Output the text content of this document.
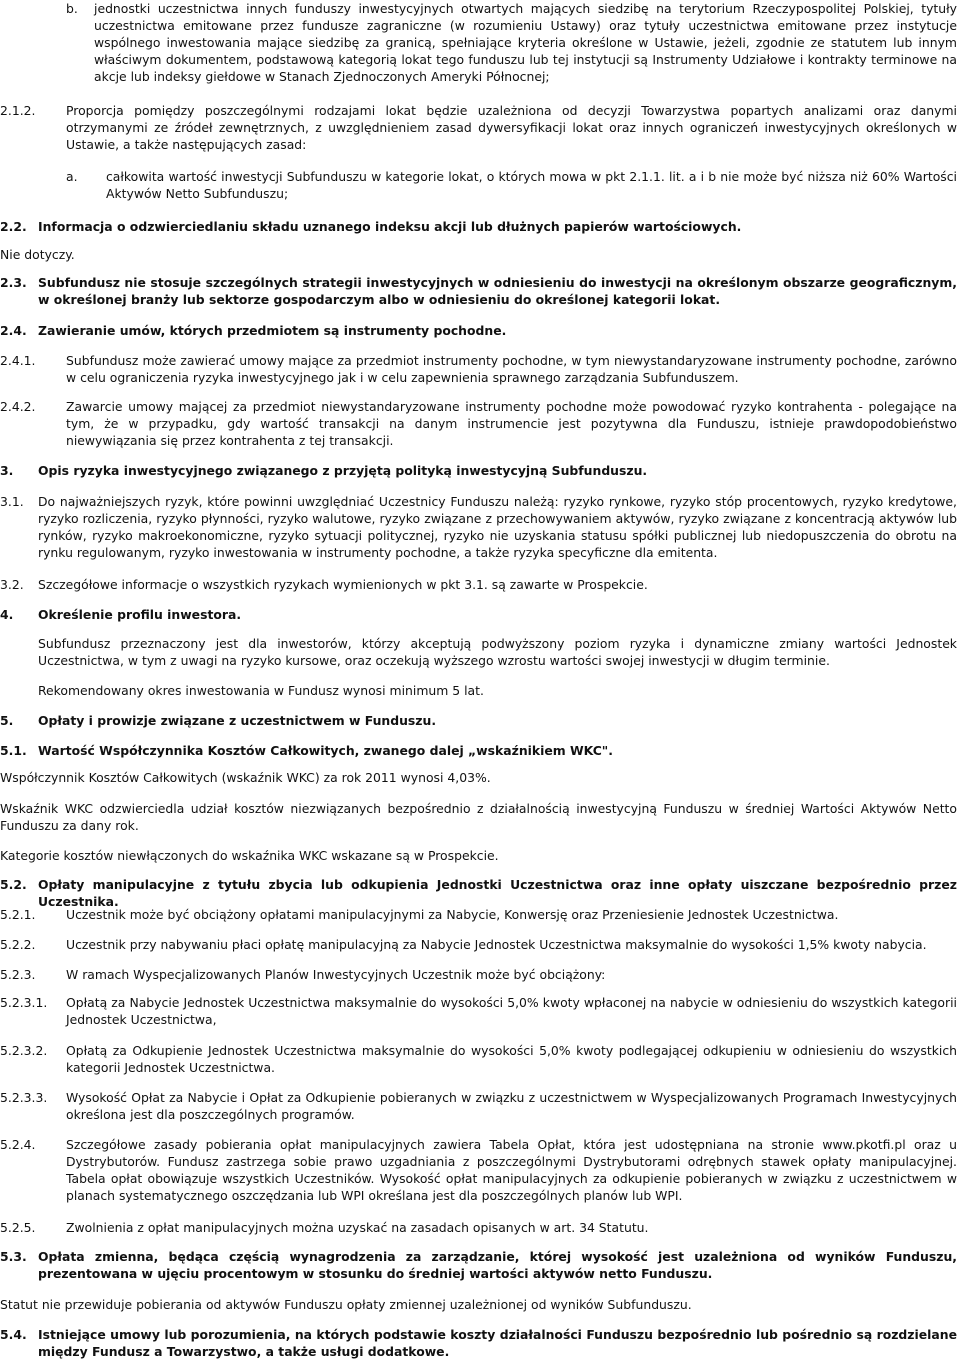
b. jednostki uczestnictwa innych funduszy inwestycyjnych otwartych mających siedzibę na terytorium Rzeczypospolitej Polskiej, tytuły uczestnictwa emitowane przez fundusze zagraniczne (w rozumieniu Ustawy) oraz tytuły uczestnictwa emitowane przez instytucje wspólnego inwestowania mające siedzibę za granicą, spełniające kryteria określone w Ustawie, jeżeli, zgodnie ze statutem lub innym właściwym dokumentem, podstawową kategorią lokat tego funduszu lub tej instytucji są Instrumenty Udziałowe i kontrakty terminowe na akcje lub indeksy giełdowe w Stanach Zjednoczonych Ameryki Północnej;
2.1.2. Proporcja pomiędzy poszczególnymi rodzajami lokat będzie uzależniona od decyzji Towarzystwa popartych analizami oraz danymi otrzymanymi ze źródeł zewnętrznych, z uwzględnieniem zasad dywersyfikacji lokat oraz innych ograniczeń inwestycyjnych określonych w Ustawie, a także następujących zasad:
a. całkowita wartość inwestycji Subfunduszu w kategorie lokat, o których mowa w pkt 2.1.1. lit. a i b nie może być niższa niż 60% Wartości Aktywów Netto Subfunduszu;
2.2. Informacja o odzwierciedlaniu składu uznanego indeksu akcji lub dłużnych papierów wartościowych.
2.3. Subfundusz nie stosuje szczególnych strategii inwestycyjnych w odniesieniu do inwestycji na określonym obszarze geograficznym, w określonej branży lub sektorze gospodarczym albo w odniesieniu do określonej kategorii lokat.
2.4. Zawieranie umów, których przedmiotem są instrumenty pochodne.
2.4.1. Subfundusz może zawierać umowy mające za przedmiot instrumenty pochodne, w tym niewystandaryzowane instrumenty pochodne, zarówno w celu ograniczenia ryzyka inwestycyjnego jak i w celu zapewnienia sprawnego zarządzania Subfunduszem.
2.4.2. Zawarcie umowy mającej za przedmiot niewystandaryzowane instrumenty pochodne może powodować ryzyko kontrahenta - polegające na tym, że w przypadku, gdy wartość transakcji na danym instrumencie jest pozytywna dla Funduszu, istnieje prawdopodobieństwo niewywiązania się przez kontrahenta z tej transakcji.
3. Opis ryzyka inwestycyjnego związanego z przyjętą polityką inwestycyjną Subfunduszu.
3.1. Do najważniejszych ryzyk, które powinni uwzględniać Uczestnicy Funduszu należą: ryzyko rynkowe, ryzyko stóp procentowych, ryzyko kredytowe, ryzyko rozliczenia, ryzyko płynności, ryzyko walutowe, ryzyko związane z przechowywaniem aktywów, ryzyko związane z koncentracją aktywów lub rynków, ryzyko makroekonomiczne, ryzyko sytuacji politycznej, ryzyko nie uzyskania statusu spółki publicznej lub niedopuszczenia do obrotu na rynku regulowanym, ryzyko inwestowania w instrumenty pochodne, a także ryzyka specyficzne dla emitenta.
3.2. Szczegółowe informacje o wszystkich ryzykach wymienionych w pkt 3.1. są zawarte w Prospekcie.
4. Określenie profilu inwestora.
5. Opłaty i prowizje związane z uczestnictwem w Funduszu.
5.1. Wartość Współczynnika Kosztów Całkowitych, zwanego dalej „wskaźnikiem WKC".
5.2. Opłaty manipulacyjne z tytułu zbycia lub odkupienia Jednostki Uczestnictwa oraz inne opłaty uiszczane bezpośrednio przez Uczestnika.
5.2.1. Uczestnik może być obciążony opłatami manipulacyjnymi za Nabycie, Konwersję oraz Przeniesienie Jednostek Uczestnictwa.
5.2.2. Uczestnik przy nabywaniu płaci opłatę manipulacyjną za Nabycie Jednostek Uczestnictwa maksymalnie do wysokości 1,5% kwoty nabycia.
5.2.3. W ramach Wyspecjalizowanych Planów Inwestycyjnych Uczestnik może być obciążony:
5.2.3.1. Opłatą za Nabycie Jednostek Uczestnictwa maksymalnie do wysokości 5,0% kwoty wpłaconej na nabycie w odniesieniu do wszystkich kategorii Jednostek Uczestnictwa,
5.2.3.2. Opłatą za Odkupienie Jednostek Uczestnictwa maksymalnie do wysokości 5,0% kwoty podlegającej odkupieniu w odniesieniu do wszystkich kategorii Jednostek Uczestnictwa.
5.2.3.3. Wysokość Opłat za Nabycie i Opłat za Odkupienie pobieranych w związku z uczestnictwem w Wyspecjalizowanych Programach Inwestycyjnych określona jest dla poszczególnych programów.
5.2.4. Szczegółowe zasady pobierania opłat manipulacyjnych zawiera Tabela Opłat, która jest udostępniana na stronie www.pkotfi.pl oraz u Dystrybutorów. Fundusz zastrzega sobie prawo uzgadniania z poszczególnymi Dystrybutorami odrębnych stawek opłaty manipulacyjnej. Tabela opłat obowiązuje wszystkich Uczestników. Wysokość opłat manipulacyjnych za odkupienie pobieranych w związku z uczestnictwem w planach systematycznego oszczędzania lub WPI określana jest dla poszczególnych planów lub WPI.
5.2.5. Zwolnienia z opłat manipulacyjnych można uzyskać na zasadach opisanych w art. 34 Statutu.
5.3. Opłata zmienna, będąca częścią wynagrodzenia za zarządzanie, której wysokość jest uzależniona od wyników Funduszu, prezentowana w ujęciu procentowym w stosunku do średniej wartości aktywów netto Funduszu.
5.4. Istniejące umowy lub porozumienia, na których podstawie koszty działalności Funduszu bezpośrednio lub pośrednio są rozdzielane między Fundusz a Towarzystwo, a także usługi dodatkowe.
Nie dotyczy.
Subfundusz przeznaczony jest dla inwestorów, którzy akceptują podwyższony poziom ryzyka i dynamiczne zmiany wartości Jednostek Uczestnictwa, w tym z uwagi na ryzyko kursowe, oraz oczekują wyższego wzrostu wartości swojej inwestycji w długim terminie.
Rekomendowany okres inwestowania w Fundusz wynosi minimum 5 lat.
Współczynnik Kosztów Całkowitych (wskaźnik WKC) za rok 2011 wynosi 4,03%.
Wskaźnik WKC odzwierciedla udział kosztów niezwiązanych bezpośrednio z działalnością inwestycyjną Funduszu w średniej Wartości Aktywów Netto Funduszu za dany rok.
Kategorie kosztów niewłączonych do wskaźnika WKC wskazane są w Prospekcie.
Statut nie przewiduje pobierania od aktywów Funduszu opłaty zmiennej uzależnionej od wyników Subfunduszu.
